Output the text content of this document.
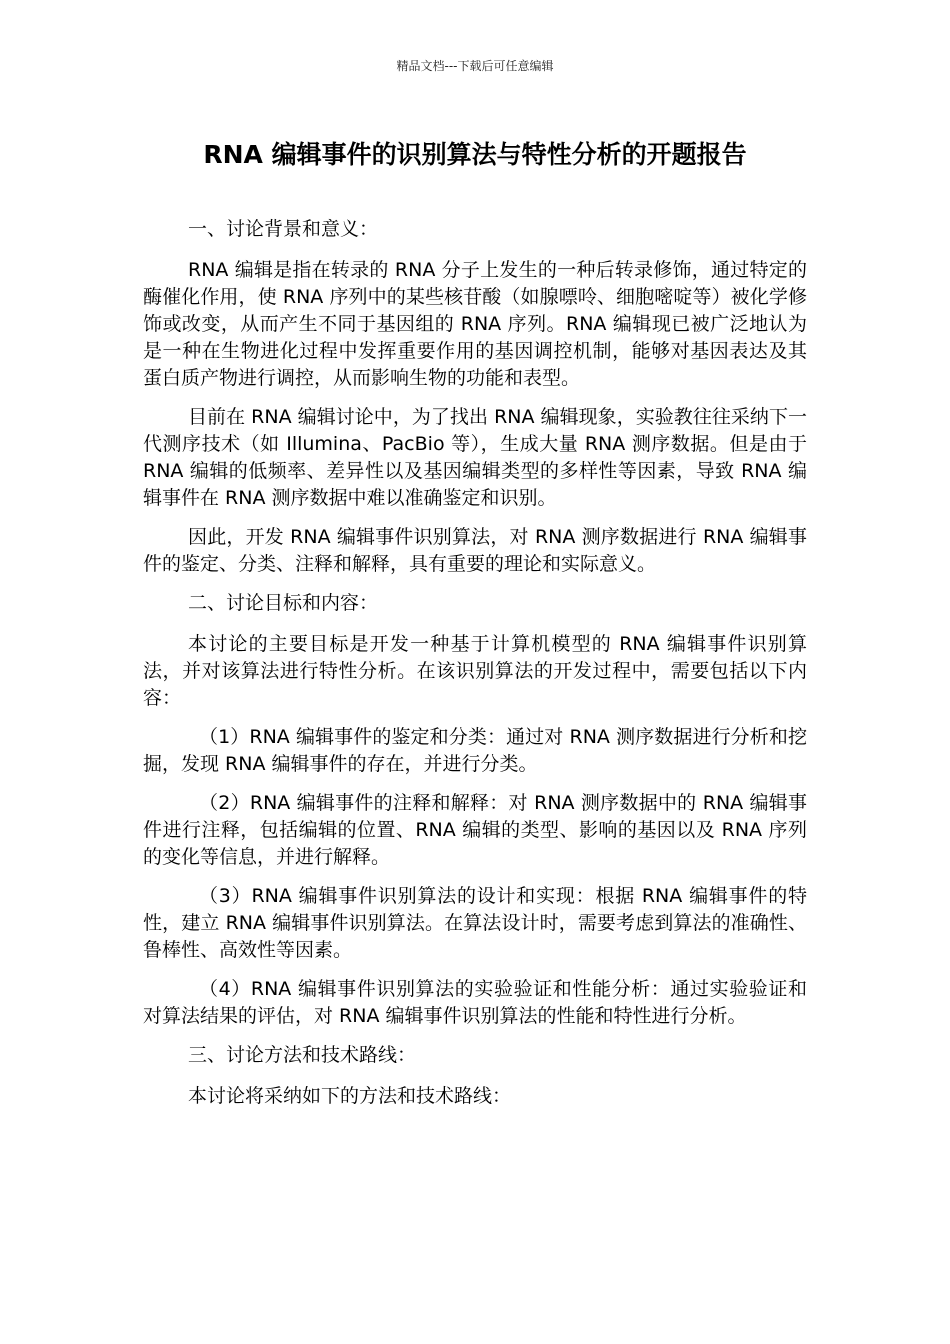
精品文档---下载后可任意编辑
RNA 编辑事件的识别算法与特性分析的开题报告

一、讨论背景和意义：

RNA 编辑是指在转录的 RNA 分子上发生的一种后转录修饰，通过特定的酶催化作用，使 RNA 序列中的某些核苷酸（如腺嘌呤、细胞嘧啶等）被化学修饰或改变，从而产生不同于基因组的 RNA 序列。RNA 编辑现已被广泛地认为是一种在生物进化过程中发挥重要作用的基因调控机制，能够对基因表达及其蛋白质产物进行调控，从而影响生物的功能和表型。

目前在 RNA 编辑讨论中，为了找出 RNA 编辑现象，实验教往往采纳下一代测序技术（如 Illumina、PacBio 等），生成大量 RNA 测序数据。但是由于 RNA 编辑的低频率、差异性以及基因编辑类型的多样性等因素，导致 RNA 编辑事件在 RNA 测序数据中难以准确鉴定和识别。

因此，开发 RNA 编辑事件识别算法，对 RNA 测序数据进行 RNA 编辑事件的鉴定、分类、注释和解释，具有重要的理论和实际意义。

二、讨论目标和内容：

本讨论的主要目标是开发一种基于计算机模型的 RNA 编辑事件识别算法，并对该算法进行特性分析。在该识别算法的开发过程中，需要包括以下内容：

（1）RNA 编辑事件的鉴定和分类：通过对 RNA 测序数据进行分析和挖掘，发现 RNA 编辑事件的存在，并进行分类。

（2）RNA 编辑事件的注释和解释：对 RNA 测序数据中的 RNA 编辑事件进行注释，包括编辑的位置、RNA 编辑的类型、影响的基因以及 RNA 序列的变化等信息，并进行解释。

（3）RNA 编辑事件识别算法的设计和实现：根据 RNA 编辑事件的特性，建立 RNA 编辑事件识别算法。在算法设计时，需要考虑到算法的准确性、鲁棒性、高效性等因素。

（4）RNA 编辑事件识别算法的实验验证和性能分析：通过实验验证和对算法结果的评估，对 RNA 编辑事件识别算法的性能和特性进行分析。

三、讨论方法和技术路线：

本讨论将采纳如下的方法和技术路线：
